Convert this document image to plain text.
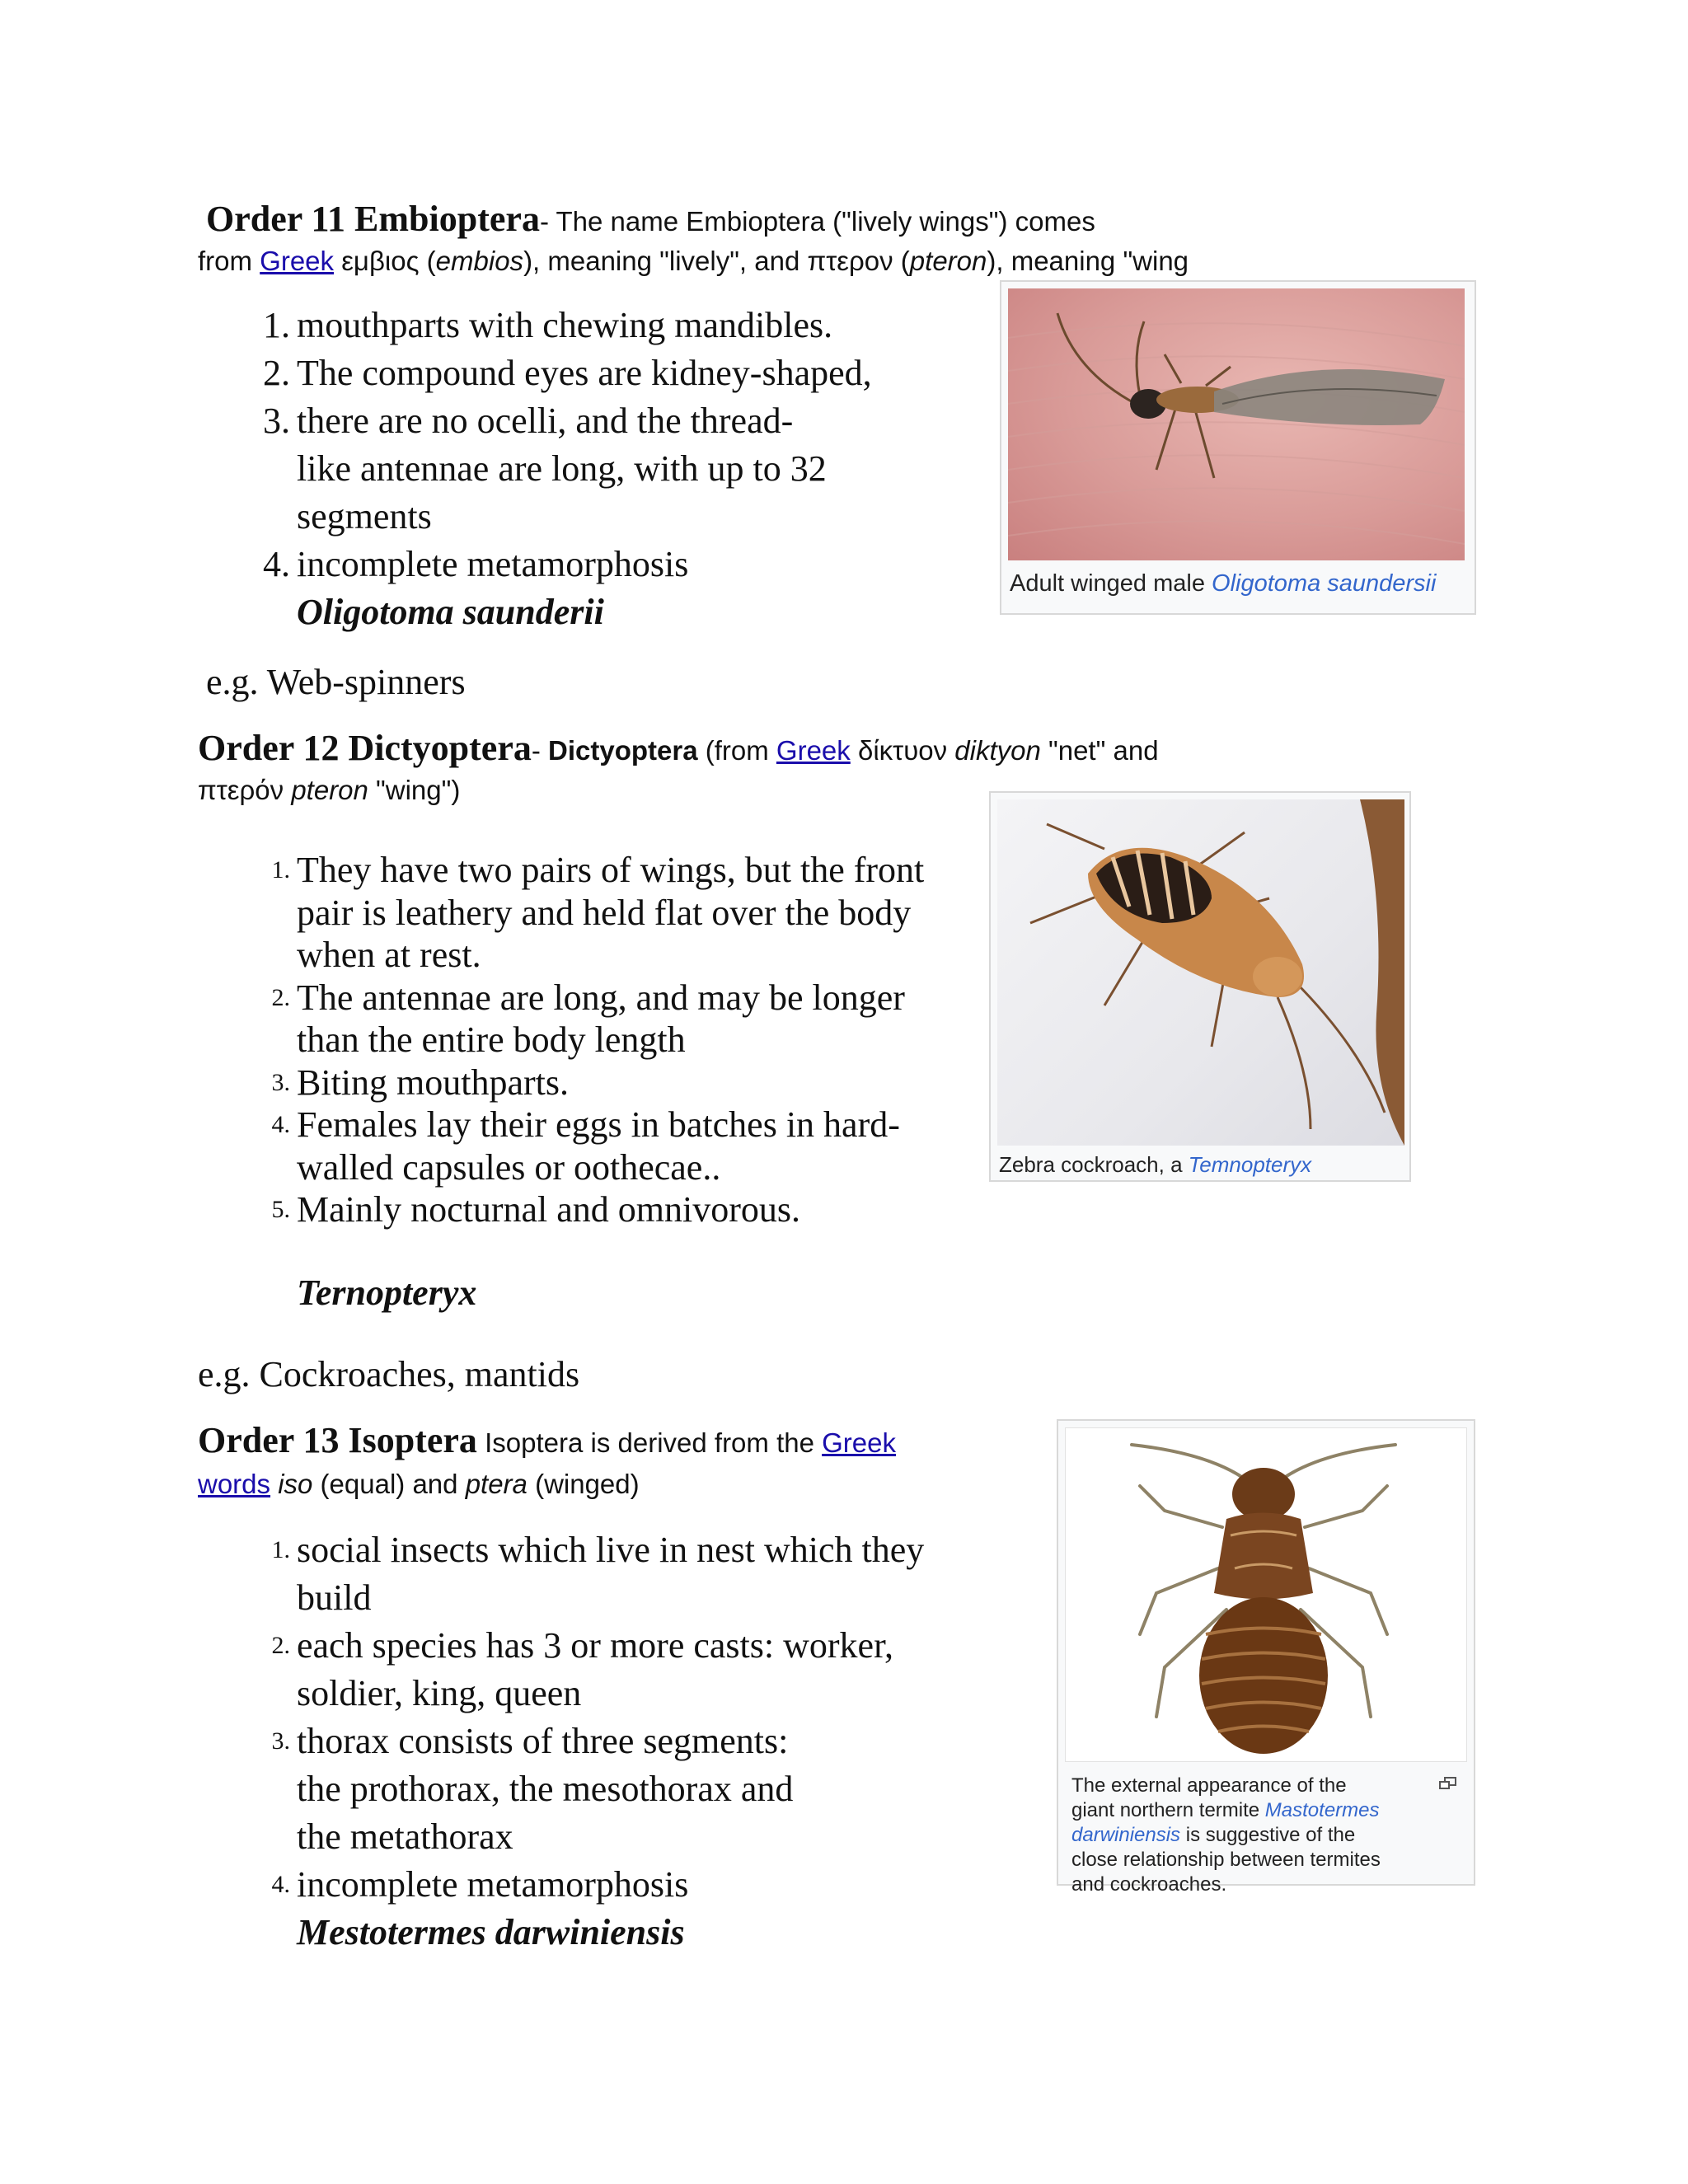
Order 11 Embioptera- The name Embioptera ("lively wings") comes
from Greek εμβιος (embios), meaning "lively", and πτερον (pteron), meaning "wing
1. mouthparts with chewing mandibles.
2. The compound eyes are kidney-shaped,
3. there are no ocelli, and the thread-
like antennae are long, with up to 32
segments
4. incomplete metamorphosis
Oligotoma saunderii
e.g. Web-spinners
Adult winged male Oligotoma saundersii
Order 12 Dictyoptera- Dictyoptera (from Greek δίκτυον diktyon "net" and
πτερόν pteron "wing")
1. They have two pairs of wings, but the front
pair is leathery and held flat over the body
when at rest.
2. The antennae are long, and may be longer
than the entire body length
3. Biting mouthparts.
4. Females lay their eggs in batches in hard-
walled capsules or oothecae..
5. Mainly nocturnal and omnivorous.
Ternopteryx
e.g. Cockroaches, mantids
Zebra cockroach, a Temnopteryx
Order 13 Isoptera Isoptera is derived from the Greek
words iso (equal) and ptera (winged)
1. social insects which live in nest which they
build
2. each species has 3 or more casts: worker,
soldier, king, queen
3. thorax consists of three segments:
the prothorax, the mesothorax and
the metathorax
4. incomplete metamorphosis
Mestotermes darwiniensis
The external appearance of the
giant northern termite Mastotermes
darwiniensis is suggestive of the
close relationship between termites
and cockroaches.
